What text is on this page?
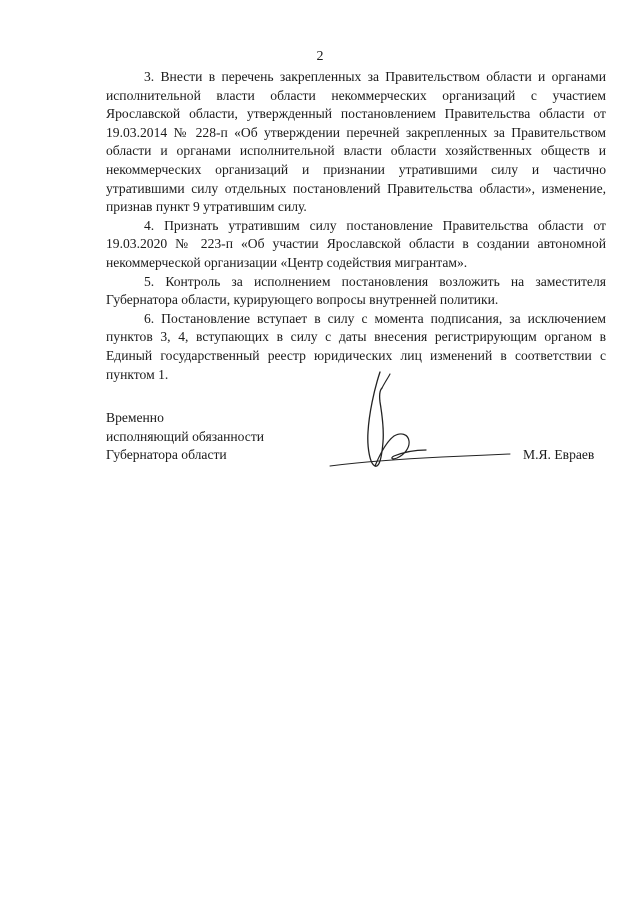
2

3. Внести в перечень закрепленных за Правительством области и органами исполнительной власти области некоммерческих организаций с участием Ярославской области, утвержденный постановлением Правительства области от 19.03.2014 № 228-п «Об утверждении перечней закрепленных за Правительством области и органами исполнительной власти области хозяйственных обществ и некоммерческих организаций и признании утратившими силу и частично утратившими силу отдельных постановлений Правительства области», изменение, признав пункт 9 утратившим силу.

4. Признать утратившим силу постановление Правительства области от 19.03.2020 № 223-п «Об участии Ярославской области в создании автономной некоммерческой организации «Центр содействия мигрантам».

5. Контроль за исполнением постановления возложить на заместителя Губернатора области, курирующего вопросы внутренней политики.

6. Постановление вступает в силу с момента подписания, за исключением пунктов 3, 4, вступающих в силу с даты внесения регистрирующим органом в Единый государственный реестр юридических лиц изменений в соответствии с пунктом 1.

Временно

исполняющий обязанности

Губернатора области	М.Я. Евраев
